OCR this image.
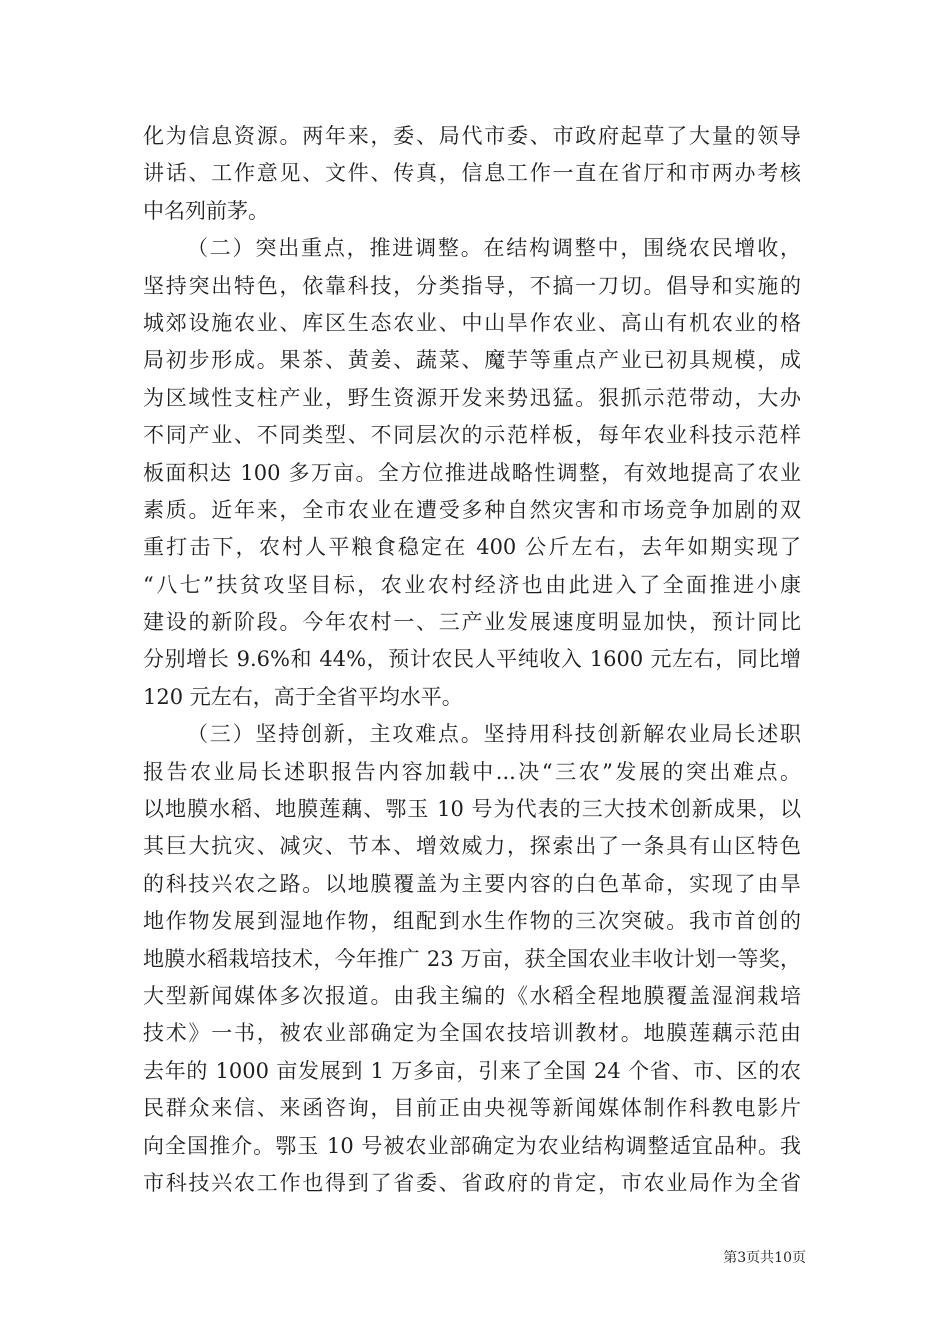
化为信息资源。两年来，委、局代市委、市政府起草了大量的领导
讲话、工作意见、文件、传真，信息工作一直在省厅和市两办考核
中名列前茅。
（二）突出重点，推进调整。在结构调整中，围绕农民增收，
坚持突出特色，依靠科技，分类指导，不搞一刀切。倡导和实施的
城郊设施农业、库区生态农业、中山旱作农业、高山有机农业的格
局初步形成。果茶、黄姜、蔬菜、魔芋等重点产业已初具规模，成
为区域性支柱产业，野生资源开发来势迅猛。狠抓示范带动，大办
不同产业、不同类型、不同层次的示范样板，每年农业科技示范样
板面积达 100 多万亩。全方位推进战略性调整，有效地提高了农业
素质。近年来，全市农业在遭受多种自然灾害和市场竞争加剧的双
重打击下，农村人平粮食稳定在 400 公斤左右，去年如期实现了
“八七”扶贫攻坚目标，农业农村经济也由此进入了全面推进小康
建设的新阶段。今年农村一、三产业发展速度明显加快，预计同比
分别增长 9.6%和 44%，预计农民人平纯收入 1600 元左右，同比增
120 元左右，高于全省平均水平。
（三）坚持创新，主攻难点。坚持用科技创新解农业局长述职
报告农业局长述职报告内容加载中...决“三农”发展的突出难点。
以地膜水稻、地膜莲藕、鄂玉 10 号为代表的三大技术创新成果，以
其巨大抗灾、减灾、节本、增效威力，探索出了一条具有山区特色
的科技兴农之路。以地膜覆盖为主要内容的白色革命，实现了由旱
地作物发展到湿地作物，组配到水生作物的三次突破。我市首创的
地膜水稻栽培技术，今年推广 23 万亩，获全国农业丰收计划一等奖，
大型新闻媒体多次报道。由我主编的《水稻全程地膜覆盖湿润栽培
技术》一书，被农业部确定为全国农技培训教材。地膜莲藕示范由
去年的 1000 亩发展到 1 万多亩，引来了全国 24 个省、市、区的农
民群众来信、来函咨询，目前正由央视等新闻媒体制作科教电影片
向全国推介。鄂玉 10 号被农业部确定为农业结构调整适宜品种。我
市科技兴农工作也得到了省委、省政府的肯定，市农业局作为全省
第3页共10页
